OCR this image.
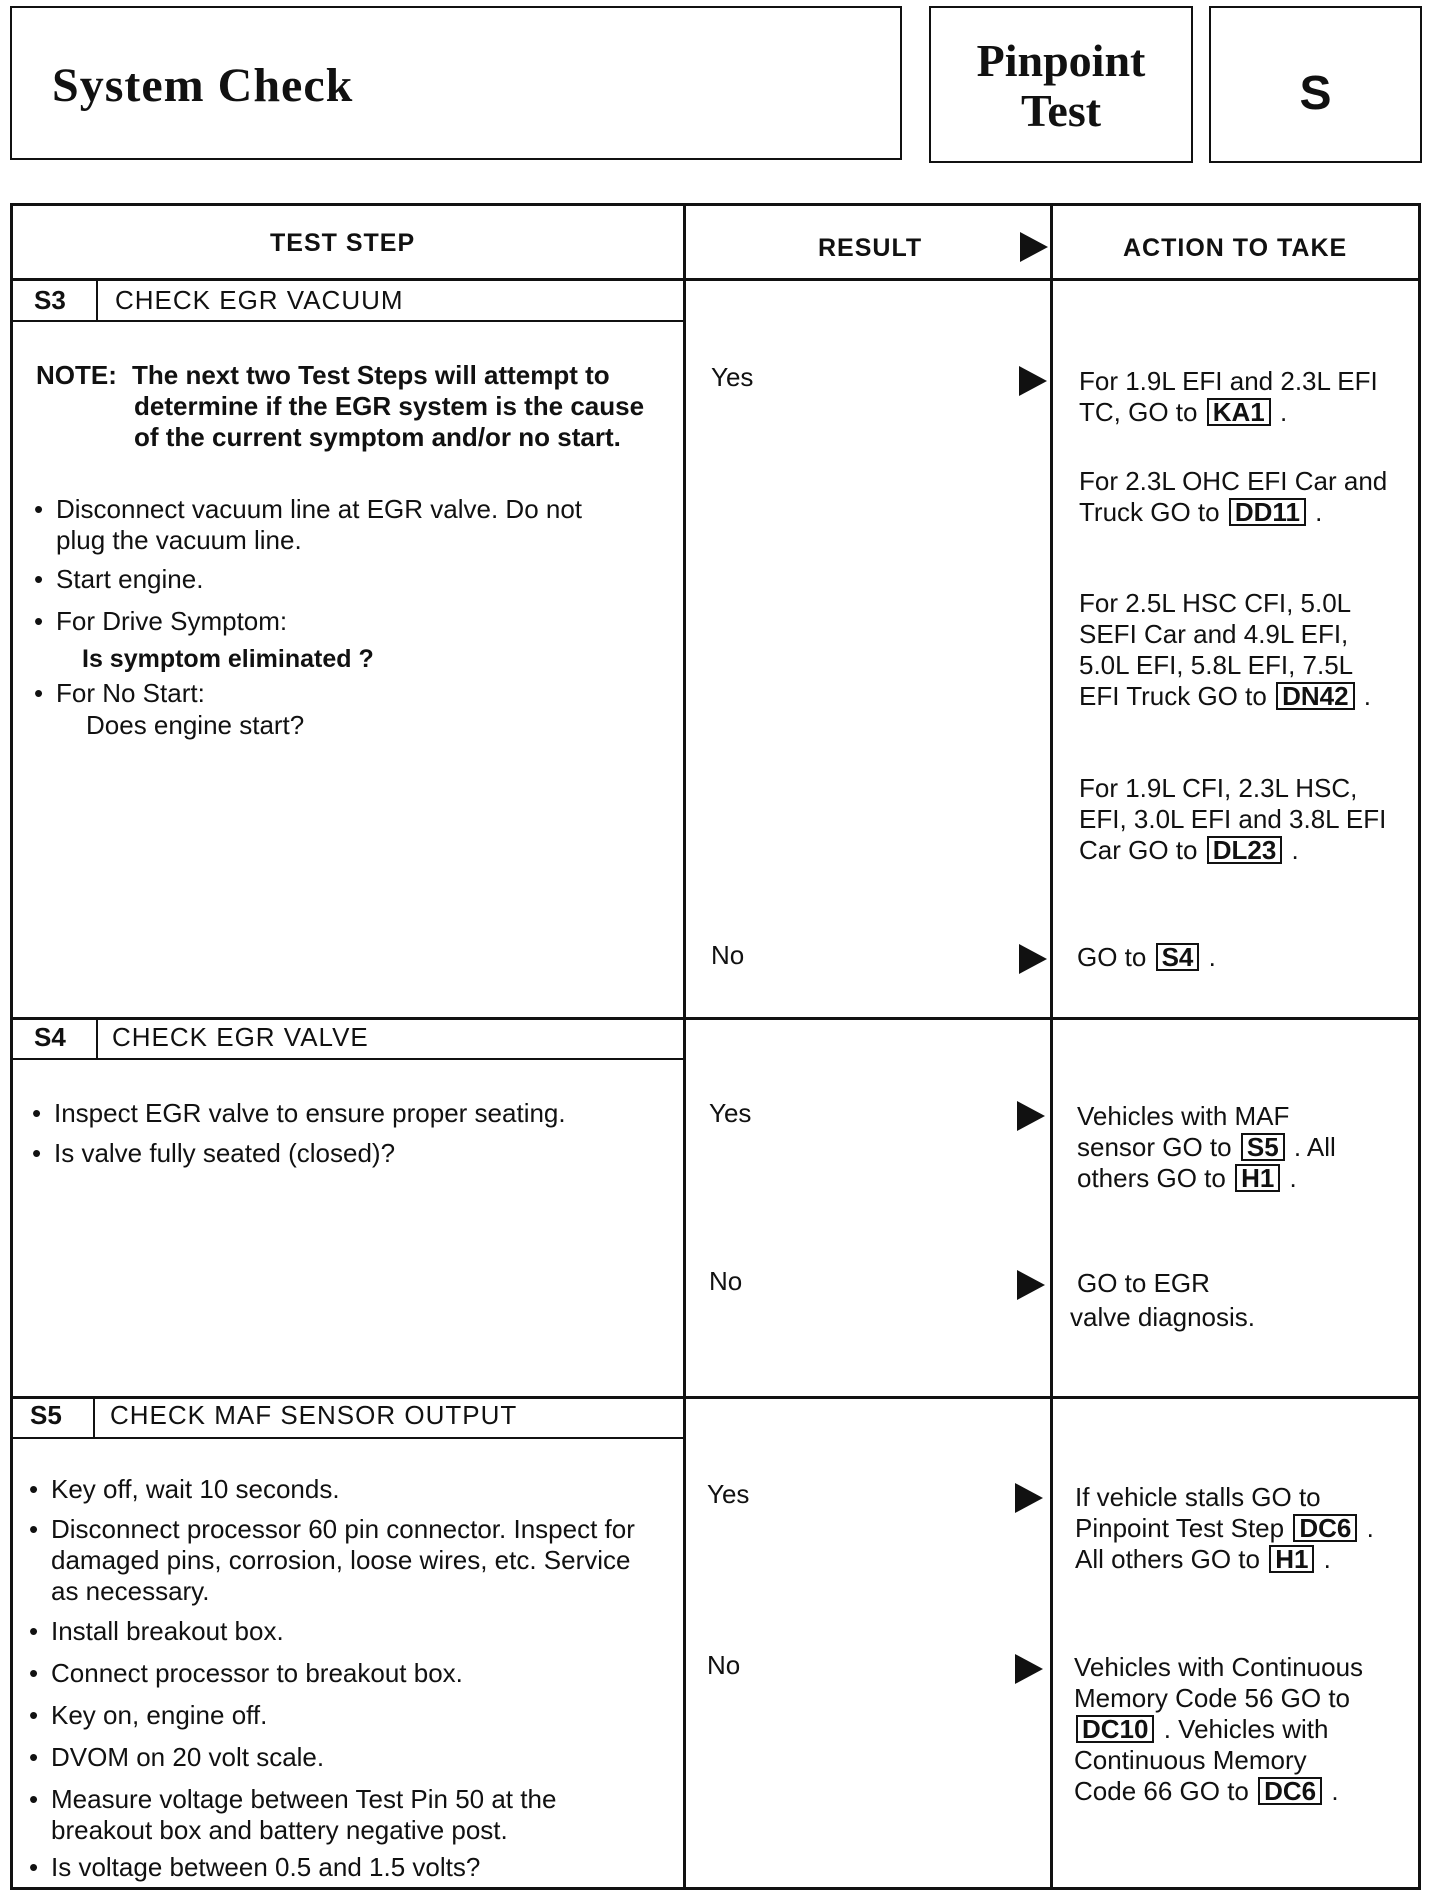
System Check	Pinpoint
Test	S
TEST STEP	RESULT	ACTION TO TAKE
S3 CHECK EGR VACUUM
NOTE: The next two Test Steps will attempt to determine if the EGR system is the cause of the current symptom and/or no start.
• Disconnect vacuum line at EGR valve. Do not plug the vacuum line.
• Start engine.
• For Drive Symptom:
Is symptom eliminated ?
• For No Start:
Does engine start?
Yes	For 1.9L EFI and 2.3L EFI TC, GO to KA1 .
For 2.3L OHC EFI Car and Truck GO to DD11 .
For 2.5L HSC CFI, 5.0L SEFI Car and 4.9L EFI, 5.0L EFI, 5.8L EFI, 7.5L EFI Truck GO to DN42 .
For 1.9L CFI, 2.3L HSC, EFI, 3.0L EFI and 3.8L EFI Car GO to DL23 .
No	GO to S4 .
S4 CHECK EGR VALVE
• Inspect EGR valve to ensure proper seating.
• Is valve fully seated (closed)?
Yes	Vehicles with MAF sensor GO to S5 . All others GO to H1 .
No	GO to EGR
valve diagnosis.
S5 CHECK MAF SENSOR OUTPUT
• Key off, wait 10 seconds.
• Disconnect processor 60 pin connector. Inspect for damaged pins, corrosion, loose wires, etc. Service as necessary.
• Install breakout box.
• Connect processor to breakout box.
• Key on, engine off.
• DVOM on 20 volt scale.
• Measure voltage between Test Pin 50 at the breakout box and battery negative post.
• Is voltage between 0.5 and 1.5 volts?
Yes	If vehicle stalls GO to Pinpoint Test Step DC6 . All others GO to H1 .
No	Vehicles with Continuous Memory Code 56 GO to DC10 . Vehicles with Continuous Memory Code 66 GO to DC6 .
